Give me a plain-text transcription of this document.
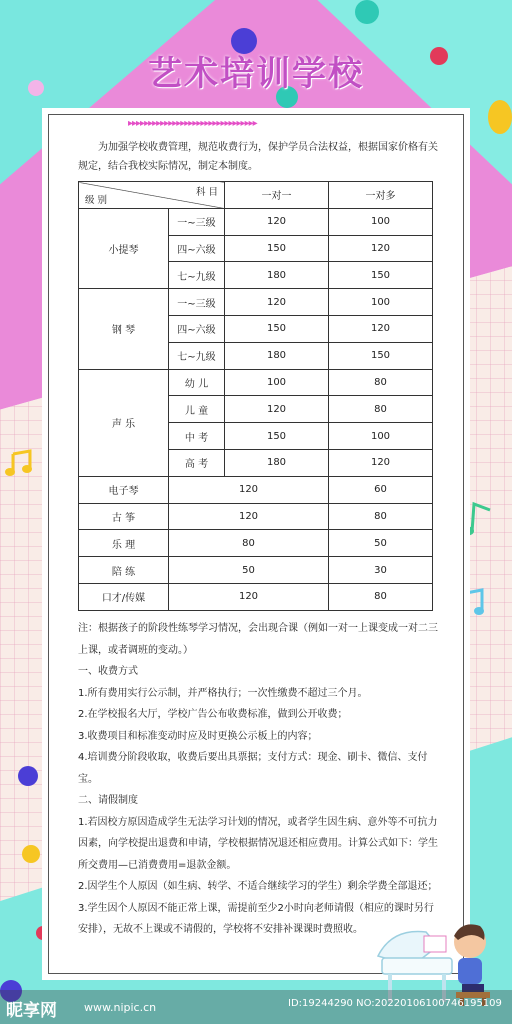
艺术培训学校
▸▸▸▸▸▸▸▸▸▸▸▸▸▸▸▸▸▸▸▸▸▸▸▸▸▸▸▸▸▸▸▸
为加强学校收费管理，规范收费行为，保护学员合法权益，根据国家价格有关规定，结合我校实际情况，制定本制度。
科 目
级 别		一对一	一对多
小提琴	一~三级	120	100
	四~六级	150	120
	七~九级	180	150
钢 琴	一~三级	120	100
	四~六级	150	120
	七~九级	180	150
声 乐	幼 儿	100	80
	儿 童	120	80
	中 考	150	100
	高 考	180	120
电子琴	120		60
古 筝	120		80
乐 理	80		50
陪 练	50		30
口才/传媒	120		80

注：根据孩子的阶段性练琴学习情况，会出现合课（例如一对一上课变成一对二三上课，或者调班的变动。）

一、收费方式

1.所有费用实行公示制，并严格执行；一次性缴费不超过三个月。

2.在学校报名大厅，学校广告公布收费标准，做到公开收费；

3.收费项目和标准变动时应及时更换公示板上的内容；

4.培训费分阶段收取，收费后要出具票据；支付方式：现金、刷卡、微信、支付宝。

二、请假制度

1.若因校方原因造成学生无法学习计划的情况，或者学生因生病、意外等不可抗力因素，向学校提出退费和申请，学校根据情况退还相应费用。计算公式如下：学生所交费用—已消费费用=退款金额。

2.因学生个人原因（如生病、转学、不适合继续学习的学生）剩余学费全部退还；

3.学生因个人原因不能正常上课，需提前至少2小时向老师请假（相应的课时另行安排），无故不上课或不请假的，学校将不安排补课课时费照收。

昵享网 www.nipic.cn	ID:19244290 NO:20220106100746195109
